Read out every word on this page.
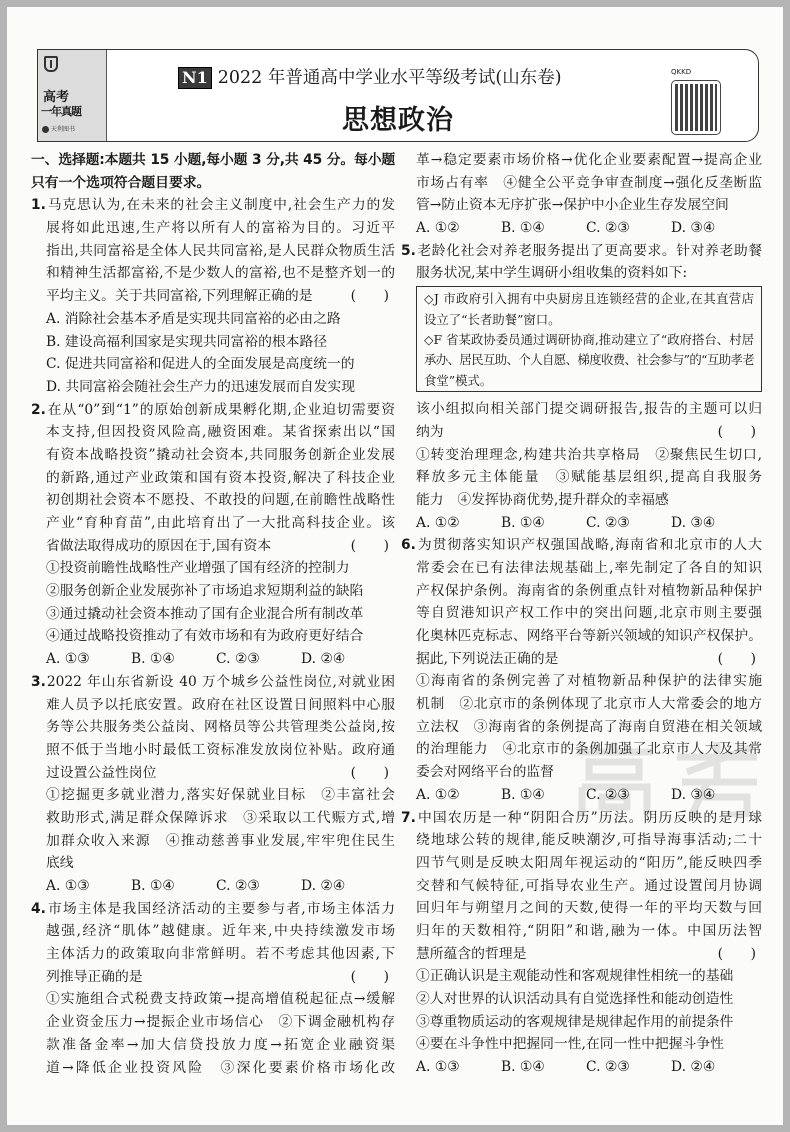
高考
一年真题
天利图书
N1 2022 年普通高中学业水平等级考试(山东卷)
思想政治
QKKD
一、选择题:本题共 15 小题,每小题 3 分,共 45 分。每小题
只有一个选项符合题目要求。
1.马克思认为,在未来的社会主义制度中,社会生产力的发
展将如此迅速,生产将以所有人的富裕为目的。习近平
指出,共同富裕是全体人民共同富裕,是人民群众物质生活
和精神生活都富裕,不是少数人的富裕,也不是整齐划一的
平均主义。关于共同富裕,下列理解正确的是	(　　)
A. 消除社会基本矛盾是实现共同富裕的必由之路
B. 建设高福利国家是实现共同富裕的根本路径
C. 促进共同富裕和促进人的全面发展是高度统一的
D. 共同富裕会随社会生产力的迅速发展而自发实现
2.在从“0”到“1”的原始创新成果孵化期,企业迫切需要资
本支持,但因投资风险高,融资困难。某省探索出以“国
有资本战略投资”撬动社会资本,共同服务创新企业发展
的新路,通过产业政策和国有资本投资,解决了科技企业
初创期社会资本不愿投、不敢投的问题,在前瞻性战略性
产业“育种育苗”,由此培育出了一大批高科技企业。该
省做法取得成功的原因在于,国有资本	(　　)
①投资前瞻性战略性产业增强了国有经济的控制力
②服务创新企业发展弥补了市场追求短期利益的缺陷
③通过撬动社会资本推动了国有企业混合所有制改革
④通过战略投资推动了有效市场和有为政府更好结合
A. ①③	B. ①④	C. ②③	D. ②④
3.2022 年山东省新设 40 万个城乡公益性岗位,对就业困
难人员予以托底安置。政府在社区设置日间照料中心服
务等公共服务类公益岗、网格员等公共管理类公益岗,按
照不低于当地小时最低工资标准发放岗位补贴。政府通
过设置公益性岗位	(　　)
①挖掘更多就业潜力,落实好保就业目标　②丰富社会
救助形式,满足群众保障诉求　③采取以工代赈方式,增
加群众收入来源　④推动慈善事业发展,牢牢兜住民生
底线
A. ①③	B. ①④	C. ②③	D. ②④
4.市场主体是我国经济活动的主要参与者,市场主体活力
越强,经济“肌体”越健康。近年来,中央持续激发市场
主体活力的政策取向非常鲜明。若不考虑其他因素,下
列推导正确的是	(　　)
①实施组合式税费支持政策→提高增值税起征点→缓解
企业资金压力→提振企业市场信心　②下调金融机构存
款准备金率→加大信贷投放力度→拓宽企业融资渠
道→降低企业投资风险　③深化要素价格市场化改
革→稳定要素市场价格→优化企业要素配置→提高企业
市场占有率　④健全公平竞争审查制度→强化反垄断监
管→防止资本无序扩张→保护中小企业生存发展空间
A. ①②	B. ①④	C. ②③	D. ③④
5.老龄化社会对养老服务提出了更高要求。针对养老助餐
服务状况,某中学生调研小组收集的资料如下:
◇J 市政府引入拥有中央厨房且连锁经营的企业,在其直营店
设立了“长者助餐”窗口。
◇F 省某政协委员通过调研协商,推动建立了“政府搭台、村居
承办、居民互助、个人自愿、梯度收费、社会参与”的“互助孝老
食堂”模式。
该小组拟向相关部门提交调研报告,报告的主题可以归
纳为	(　　)
①转变治理理念,构建共治共享格局　②聚焦民生切口,
释放多元主体能量　③赋能基层组织,提高自我服务
能力　④发挥协商优势,提升群众的幸福感
A. ①②	B. ①④	C. ②③	D. ③④
6.为贯彻落实知识产权强国战略,海南省和北京市的人大
常委会在已有法律法规基础上,率先制定了各自的知识
产权保护条例。海南省的条例重点针对植物新品种保护
等自贸港知识产权工作中的突出问题,北京市则主要强
化奥林匹克标志、网络平台等新兴领域的知识产权保护。
据此,下列说法正确的是	(　　)
①海南省的条例完善了对植物新品种保护的法律实施
机制　②北京市的条例体现了北京市人大常委会的地方
立法权　③海南省的条例提高了海南自贸港在相关领域
的治理能力　④北京市的条例加强了北京市人大及其常
委会对网络平台的监督
A. ①②	B. ①④	C. ②③	D. ③④
7.中国农历是一种“阴阳合历”历法。阴历反映的是月球
绕地球公转的规律,能反映潮汐,可指导海事活动;二十
四节气则是反映太阳周年视运动的“阳历”,能反映四季
交替和气候特征,可指导农业生产。通过设置闰月协调
回归年与朔望月之间的天数,使得一年的平均天数与回
归年的天数相符,“阴阳”和谐,融为一体。中国历法智
慧所蕴含的哲理是	(　　)
①正确认识是主观能动性和客观规律性相统一的基础
②人对世界的认识活动具有自觉选择性和能动创造性
③尊重物质运动的客观规律是规律起作用的前提条件
④要在斗争性中把握同一性,在同一性中把握斗争性
A. ①③	B. ①④	C. ②③	D. ②④
